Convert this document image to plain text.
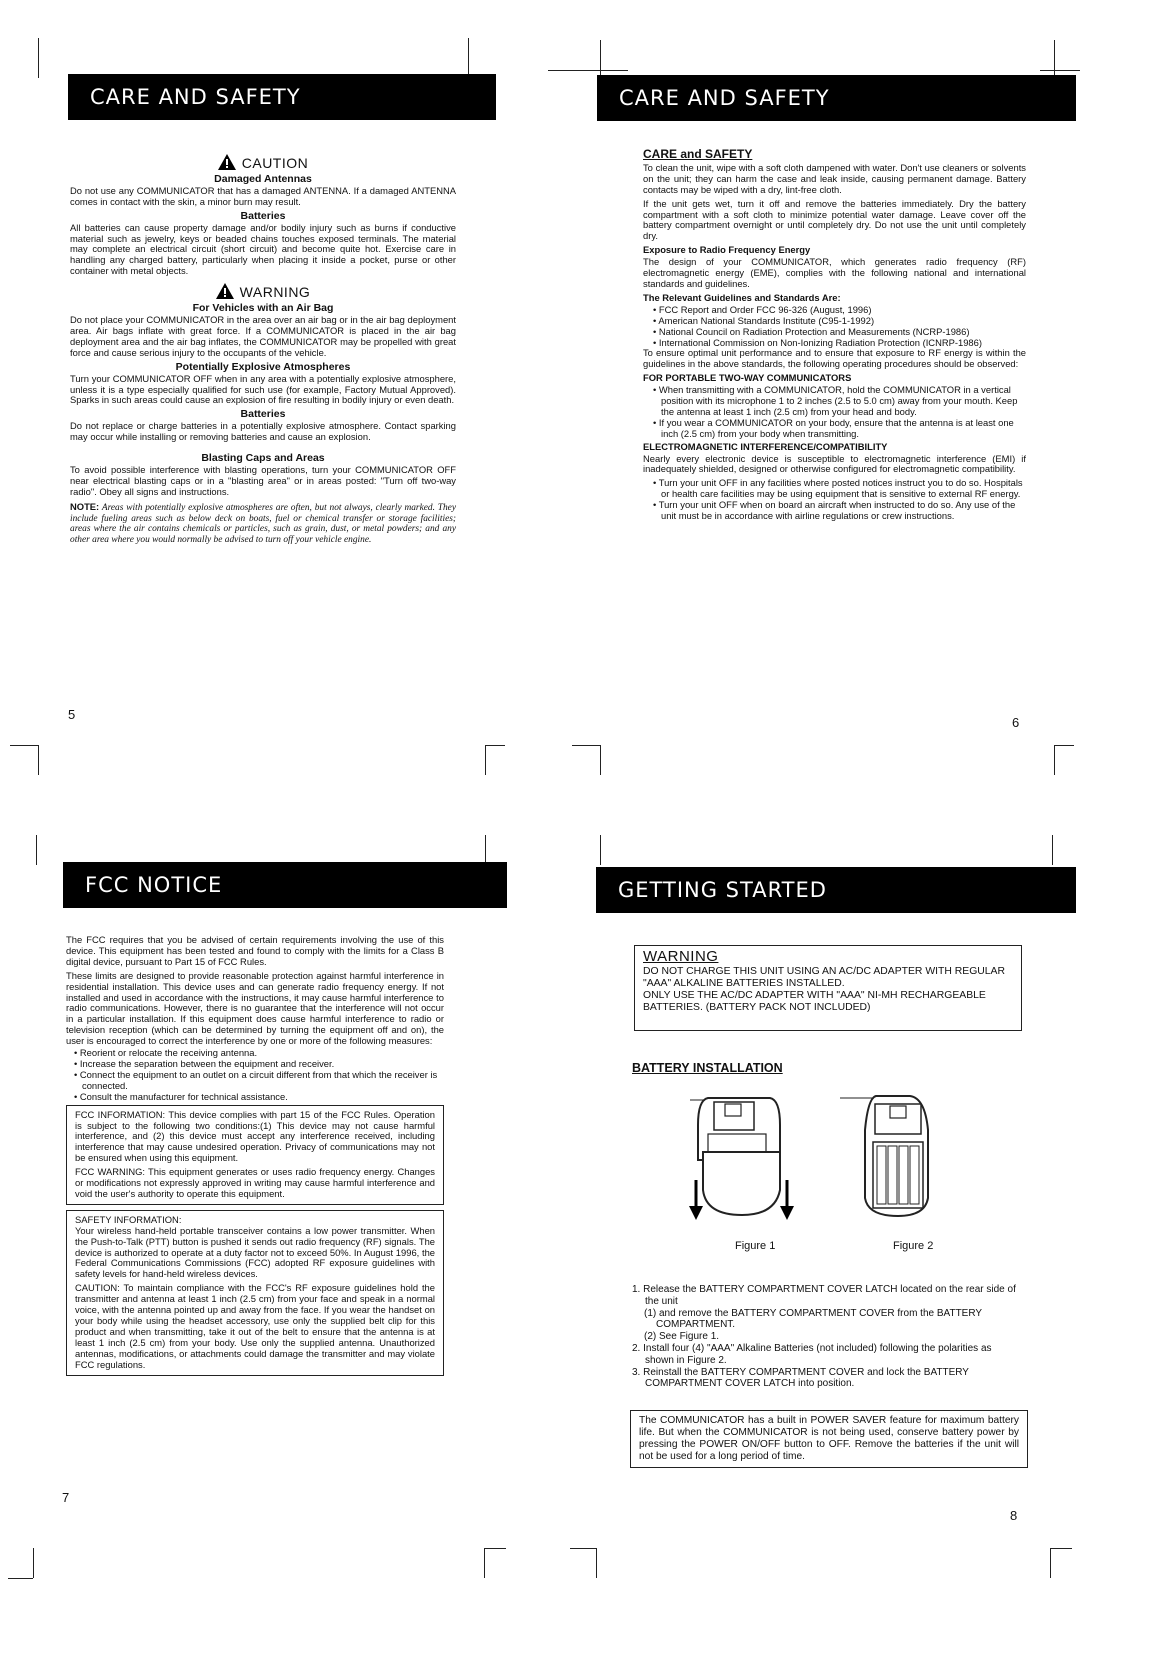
CARE AND SAFETY
CAUTION
Damaged Antennas

Do not use any COMMUNICATOR that has a damaged ANTENNA. If a damaged ANTENNA comes in contact with the skin, a minor burn may result.

Batteries

All batteries can cause property damage and/or bodily injury such as burns if conductive material such as jewelry, keys or beaded chains touches exposed terminals. The material may complete an electrical circuit (short circuit) and become quite hot. Exercise care in handling any charged battery, particularly when placing it inside a pocket, purse or other container with metal objects.

WARNING
For Vehicles with an Air Bag

Do not place your COMMUNICATOR in the area over an air bag or in the air bag deployment area. Air bags inflate with great force. If a COMMUNICATOR is placed in the air bag deployment area and the air bag inflates, the COMMUNICATOR may be propelled with great force and cause serious injury to the occupants of the vehicle.

Potentially Explosive Atmospheres

Turn your COMMUNICATOR OFF when in any area with a potentially explosive atmosphere, unless it is a type especially qualified for such use (for example, Factory Mutual Approved). Sparks in such areas could cause an explosion of fire resulting in bodily injury or even death.

Batteries

Do not replace or charge batteries in a potentially explosive atmosphere. Contact sparking may occur while installing or removing batteries and cause an explosion.

Blasting Caps and Areas

To avoid possible interference with blasting operations, turn your COMMUNICATOR OFF near electrical blasting caps or in a "blasting area" or in areas posted: "Turn off two-way radio". Obey all signs and instructions.

NOTE: Areas with potentially explosive atmospheres are often, but not always, clearly marked. They include fueling areas such as below deck on boats, fuel or chemical transfer or storage facilities; areas where the air contains chemicals or particles, such as grain, dust, or metal powders; and any other area where you would normally be advised to turn off your vehicle engine.

5
CARE AND SAFETY
CARE and SAFETY

To clean the unit, wipe with a soft cloth dampened with water. Don't use cleaners or solvents on the unit; they can harm the case and leak inside, causing permanent damage. Battery contacts may be wiped with a dry, lint-free cloth.

If the unit gets wet, turn it off and remove the batteries immediately. Dry the battery compartment with a soft cloth to minimize potential water damage. Leave cover off the battery compartment overnight or until completely dry. Do not use the unit until completely dry.

Exposure to Radio Frequency Energy

The design of your COMMUNICATOR, which generates radio frequency (RF) electromagnetic energy (EME), complies with the following national and international standards and guidelines.

The Relevant Guidelines and Standards Are:
• FCC Report and Order FCC 96-326 (August, 1996)
• American National Standards Institute (C95-1-1992)
• National Council on Radiation Protection and Measurements (NCRP-1986)
• International Commission on Non-Ionizing Radiation Protection (ICNRP-1986)

To ensure optimal unit performance and to ensure that exposure to RF energy is within the guidelines in the above standards, the following operating procedures should be observed:

FOR PORTABLE TWO-WAY COMMUNICATORS
• When transmitting with a COMMUNICATOR, hold the COMMUNICATOR in a vertical position with its microphone 1 to 2 inches (2.5 to 5.0 cm) away from your mouth. Keep the antenna at least 1 inch (2.5 cm) from your head and body.
• If you wear a COMMUNICATOR on your body, ensure that the antenna is at least one inch (2.5 cm) from your body when transmitting.
ELECTROMAGNETIC INTERFERENCE/COMPATIBILITY

Nearly every electronic device is susceptible to electromagnetic interference (EMI) if inadequately shielded, designed or otherwise configured for electromagnetic compatibility.

• Turn your unit OFF in any facilities where posted notices instruct you to do so. Hospitals or health care facilities may be using equipment that is sensitive to external RF energy.
• Turn your unit OFF when on board an aircraft when instructed to do so. Any use of the unit must be in accordance with airline regulations or crew instructions.
6
FCC NOTICE

The FCC requires that you be advised of certain requirements involving the use of this device. This equipment has been tested and found to comply with the limits for a Class B digital device, pursuant to Part 15 of FCC Rules.

These limits are designed to provide reasonable protection against harmful interference in residential installation. This device uses and can generate radio frequency energy. If not installed and used in accordance with the instructions, it may cause harmful interference to radio communications. However, there is no guarantee that the interference will not occur in a particular installation. If this equipment does cause harmful interference to radio or television reception (which can be determined by turning the equipment off and on), the user is encouraged to correct the interference by one or more of the following measures:

• Reorient or relocate the receiving antenna.
• Increase the separation between the equipment and receiver.
• Connect the equipment to an outlet on a circuit different from that which the receiver is connected.
• Consult the manufacturer for technical assistance.

FCC INFORMATION: This device complies with part 15 of the FCC Rules. Operation is subject to the following two conditions:(1) This device may not cause harmful interference, and (2) this device must accept any interference received, including interference that may cause undesired operation. Privacy of communications may not be ensured when using this equipment.

FCC WARNING: This equipment generates or uses radio frequency energy. Changes or modifications not expressly approved in writing may cause harmful interference and void the user's authority to operate this equipment.

SAFETY INFORMATION:

Your wireless hand-held portable transceiver contains a low power transmitter. When the Push-to-Talk (PTT) button is pushed it sends out radio frequency (RF) signals. The device is authorized to operate at a duty factor not to exceed 50%. In August 1996, the Federal Communications Commissions (FCC) adopted RF exposure guidelines with safety levels for hand-held wireless devices.

CAUTION: To maintain compliance with the FCC's RF exposure guidelines hold the transmitter and antenna at least 1 inch (2.5 cm) from your face and speak in a normal voice, with the antenna pointed up and away from the face. If you wear the handset on your body while using the headset accessory, use only the supplied belt clip for this product and when transmitting, take it out of the belt to ensure that the antenna is at least 1 inch (2.5 cm) from your body. Use only the supplied antenna. Unauthorized antennas, modifications, or attachments could damage the transmitter and may violate FCC regulations.

7
GETTING STARTED
WARNING
DO NOT CHARGE THIS UNIT USING AN AC/DC ADAPTER WITH REGULAR "AAA" ALKALINE BATTERIES INSTALLED.
ONLY USE THE AC/DC ADAPTER WITH "AAA" NI-MH RECHARGEABLE BATTERIES. (BATTERY PACK NOT INCLUDED)
BATTERY INSTALLATION
Figure 1	Figure 2
1. Release the BATTERY COMPARTMENT COVER LATCH located on the rear side of the unit
(1) and remove the BATTERY COMPARTMENT COVER from the BATTERY COMPARTMENT.
(2) See Figure 1.
2. Install four (4) "AAA" Alkaline Batteries (not included) following the polarities as shown in Figure 2.
3. Reinstall the BATTERY COMPARTMENT COVER and lock the BATTERY COMPARTMENT COVER LATCH into position.

The COMMUNICATOR has a built in POWER SAVER feature for maximum battery life. But when the COMMUNICATOR is not being used, conserve battery power by pressing the POWER ON/OFF button to OFF. Remove the batteries if the unit will not be used for a long period of time.

8
